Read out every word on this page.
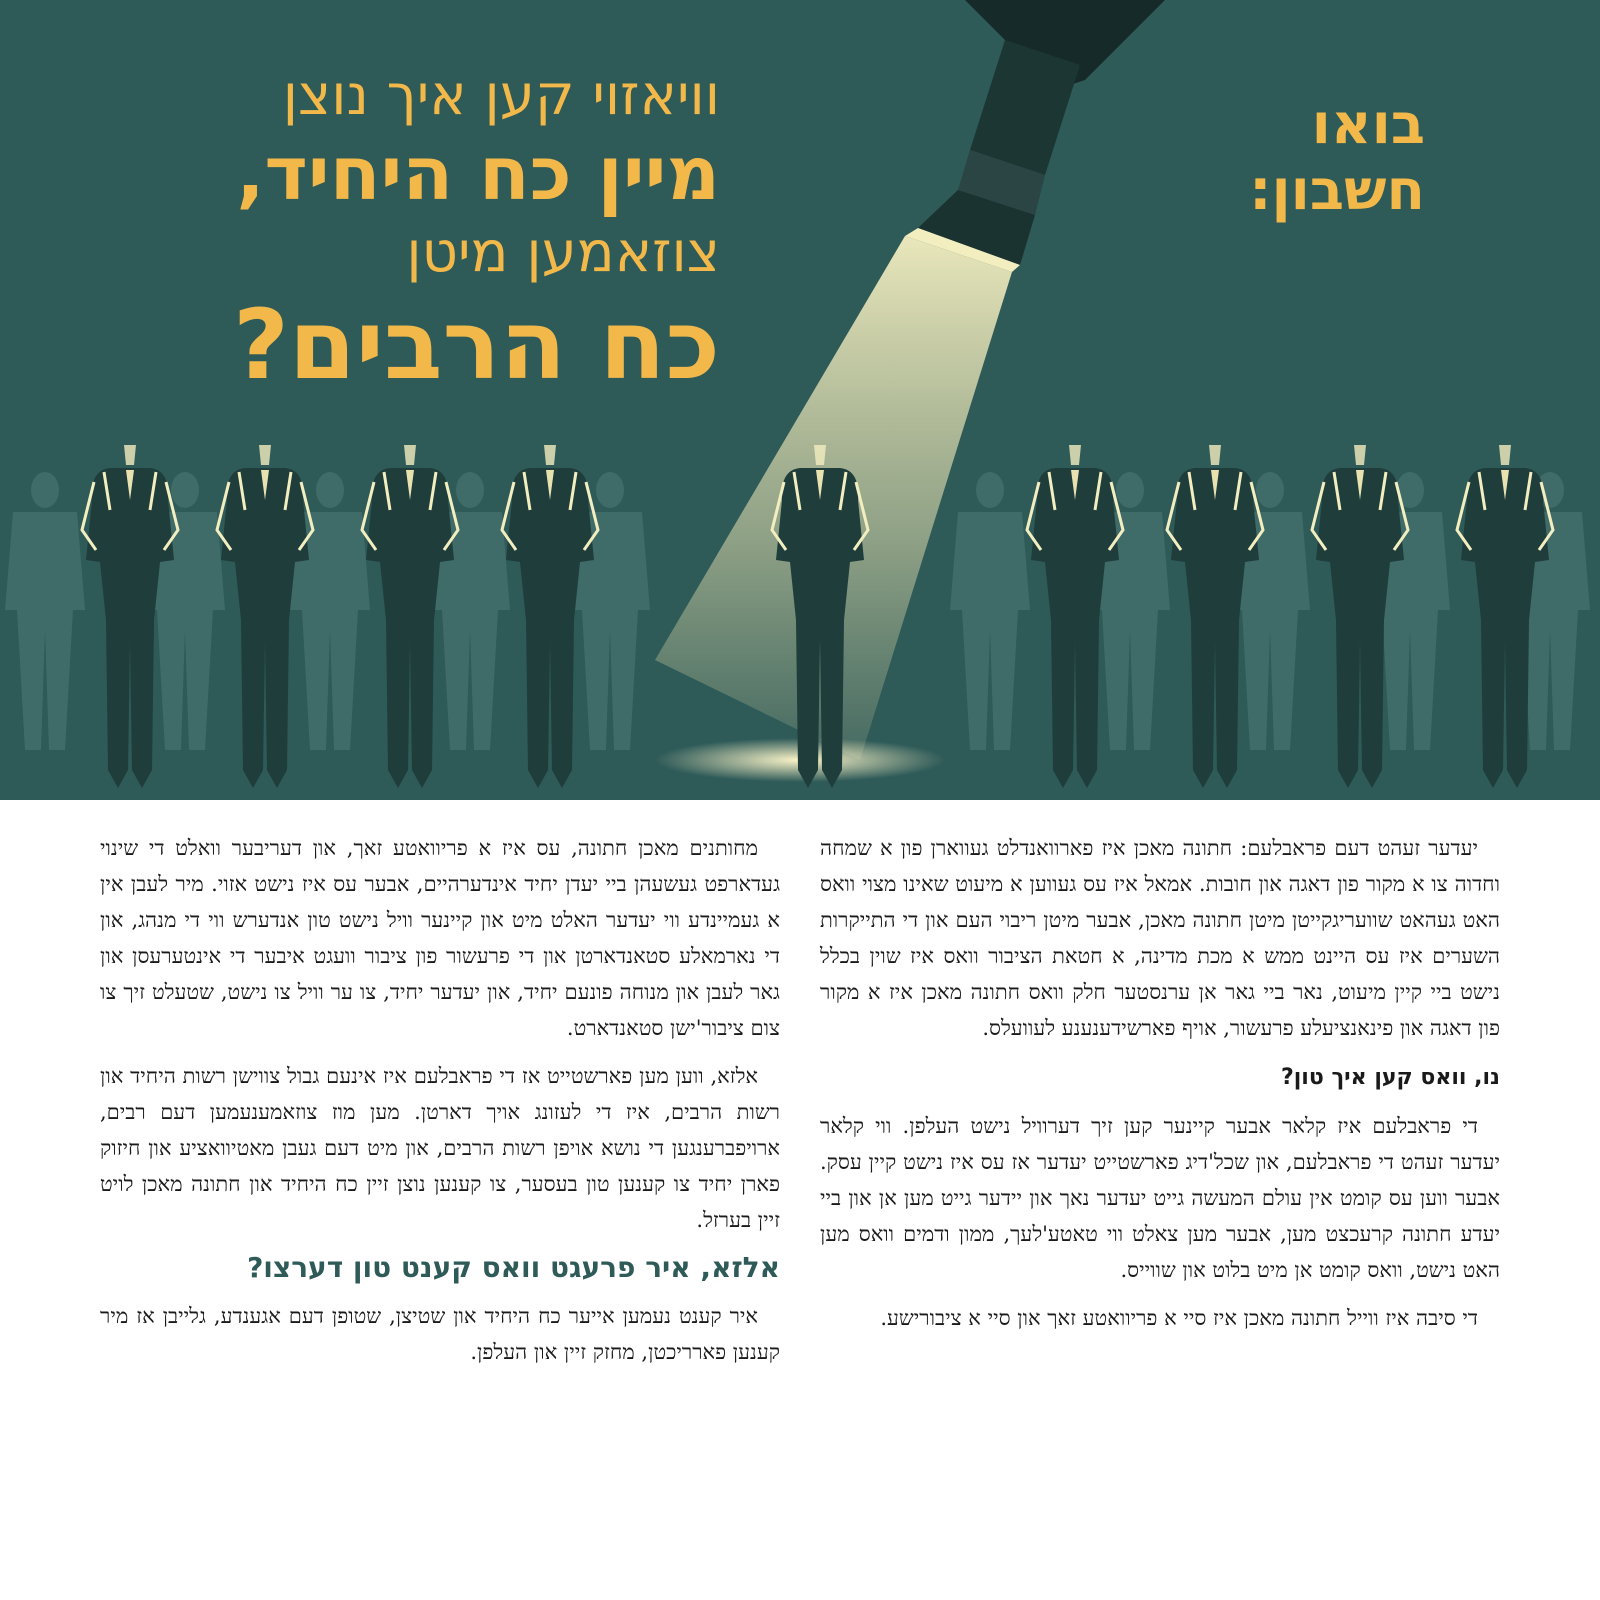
וויאזוי קען איך נוצן
מיין כח היחיד,
צוזאמען מיטן
כח הרבים?
בואו
חשבון:

יעדער זעהט דעם פראבלעם: חתונה מאכן איז פארוואנדלט געווארן פון א שמחה וחדוה צו א מקור פון דאגה און חובות. אמאל איז עס געווען א מיעוט שאינו מצוי וואס האט געהאט שוועריגקייטן מיטן חתונה מאכן, אבער מיטן ריבוי העם און די התייקרות השערים איז עס היינט ממש א מכת מדינה, א חטאת הציבור וואס איז שוין בכלל נישט ביי קיין מיעוט, נאר ביי גאר אן ערנסטער חלק וואס חתונה מאכן איז א מקור פון דאגה און פינאנציעלע פרעשור, אויף פארשידענענע לעוועלס.

נו, וואס קען איך טון?

די פראבלעם איז קלאר אבער קיינער קען זיך דערוויל נישט העלפן. ווי קלאר יעדער זעהט די פראבלעם, און שכל'דיג פארשטייט יעדער אז עס איז נישט קיין עסק. אבער ווען עס קומט אין עולם המעשה גייט יעדער נאך און יידער גייט מען אן און ביי יעדע חתונה קרעכצט מען, אבער מען צאלט ווי טאטע'לעך, ממון ודמים וואס מען האט נישט, וואס קומט אן מיט בלוט און שווייס.

די סיבה איז ווייל חתונה מאכן איז סיי א פריוואטע זאך און סיי א ציבורישע.

מחותנים מאכן חתונה, עס איז א פריוואטע זאך, און דעריבער וואלט די שינוי געדארפט געשעהן ביי יעדן יחיד אינדערהיים, אבער עס איז נישט אזוי. מיר לעבן אין א געמיינדע ווי יעדער האלט מיט און קיינער וויל נישט טון אנדערש ווי די מנהג, און די נארמאלע סטאנדארטן און די פרעשור פון ציבור וועגט איבער די אינטערעסן און גאר לעבן און מנוחה פונעם יחיד, און יעדער יחיד, צו ער וויל צו נישט, שטעלט זיך צו צום ציבור'ישן סטאנדארט.

אלזא, ווען מען פארשטייט אז די פראבלעם איז אינעם גבול צווישן רשות היחיד און רשות הרבים, איז די לעזונג אויך דארטן. מען מוז צוזאמענעמען דעם רבים, ארויפברענגען די נושא אויפן רשות הרבים, און מיט דעם געבן מאטיוואציע און חיזוק פארן יחיד צו קענען טון בעסער, צו קענען נוצן זיין כח היחיד און חתונה מאכן לויט זיין בערזל.

אלזא, איר פרעגט וואס קענט טון דערצו?

איר קענט נעמען אייער כח היחיד און שטיצן, שטופן דעם אגענדע, גלייבן אז מיר קענען פארריכטן, מחזק זיין און העלפן.
